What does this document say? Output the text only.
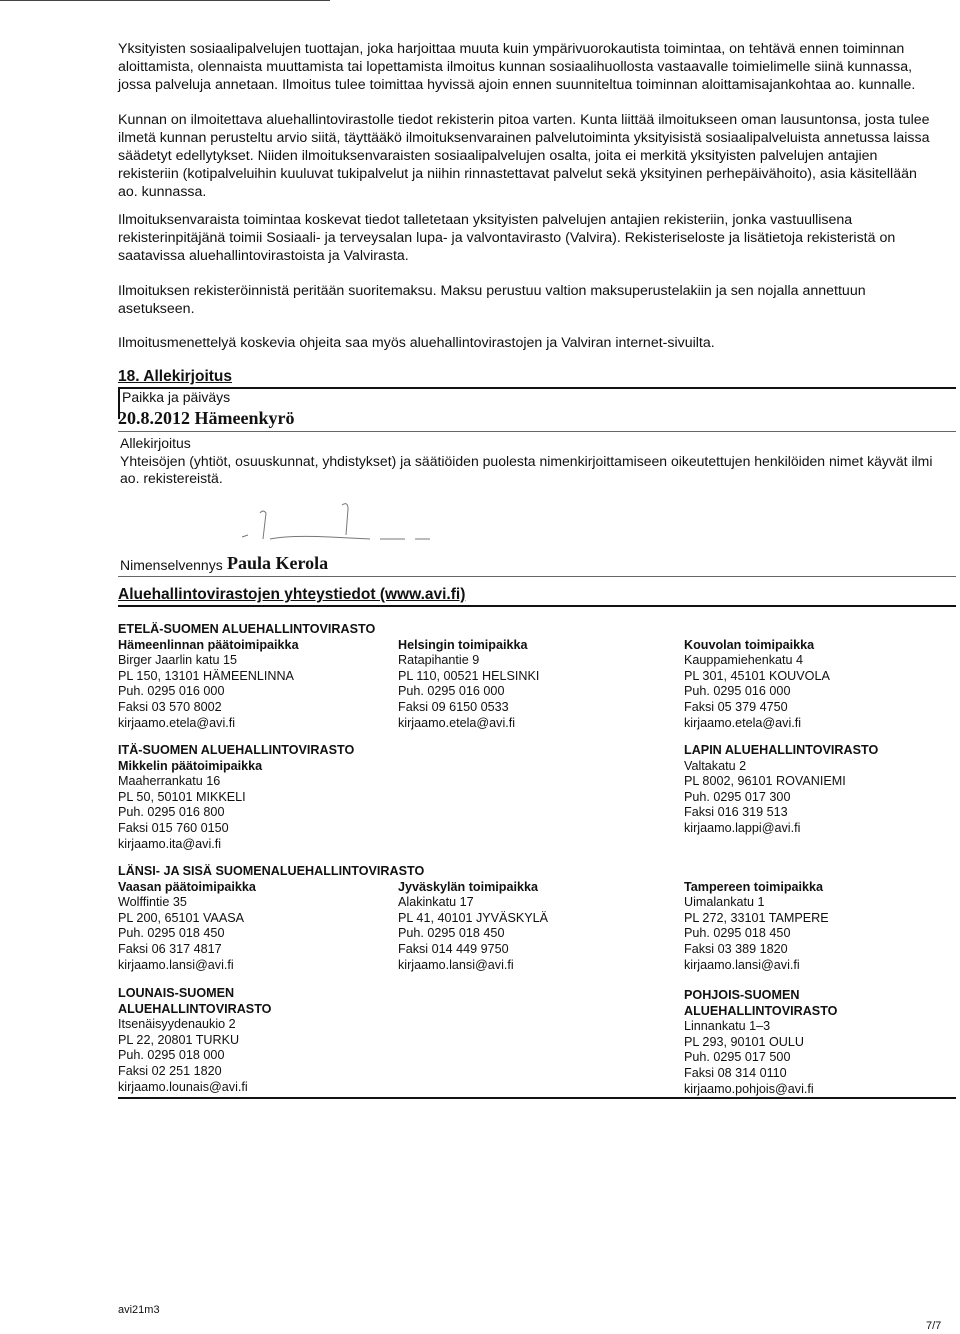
Yksityisten sosiaalipalvelujen tuottajan, joka harjoittaa muuta kuin ympärivuorokautista toimintaa, on tehtävä ennen toiminnan aloittamista, olennaista muuttamista tai lopettamista ilmoitus kunnan sosiaalihuollosta vastaavalle toimielimelle siinä kunnassa, jossa palveluja annetaan. Ilmoitus tulee toimittaa hyvissä ajoin ennen suunniteltua toiminnan aloittamisajankohtaa ao. kunnalle.

Kunnan on ilmoitettava aluehallintovirastolle tiedot rekisterin pitoa varten. Kunta liittää ilmoitukseen oman lausuntonsa, josta tulee ilmetä kunnan perusteltu arvio siitä, täyttääkö ilmoituksenvarainen palvelutoiminta yksityisistä sosiaalipalveluista annetussa laissa säädetyt edellytykset. Niiden ilmoituksenvaraisten sosiaalipalvelujen osalta, joita ei merkitä yksityisten palvelujen antajien rekisteriin (kotipalveluihin kuuluvat tukipalvelut ja niihin rinnastettavat palvelut sekä yksityinen perhepäivähoito), asia käsitellään ao. kunnassa.

Ilmoituksenvaraista toimintaa koskevat tiedot talletetaan yksityisten palvelujen antajien rekisteriin, jonka vastuullisena rekisterinpitäjänä toimii Sosiaali- ja terveysalan lupa- ja valvontavirasto (Valvira). Rekisteriseloste ja lisätietoja rekisteristä on saatavissa aluehallintovirastoista ja Valvirasta.

Ilmoituksen rekisteröinnistä peritään suoritemaksu. Maksu perustuu valtion maksuperustelakiin ja sen nojalla annettuun asetukseen.

Ilmoitusmenettelyä koskevia ohjeita saa myös aluehallintovirastojen ja Valviran internet-sivuilta.

18. Allekirjoitus
Paikka ja päiväys
20.8.2012 Hämeenkyrö
Allekirjoitus
Yhteisöjen (yhtiöt, osuuskunnat, yhdistykset) ja säätiöiden puolesta nimenkirjoittamiseen oikeutettujen henkilöiden nimet käyvät ilmi ao. rekistereistä.
Nimenselvennys Paula Kerola
Aluehallintovirastojen yhteystiedot (www.avi.fi)
ETELÄ-SUOMEN ALUEHALLINTOVIRASTO
Hämeenlinnan päätoimipaikka
Birger Jaarlin katu 15
PL 150, 13101 HÄMEENLINNA
Puh. 0295 016 000
Faksi 03 570 8002
kirjaamo.etela@avi.fi
Helsingin toimipaikka
Ratapihantie 9
PL 110, 00521 HELSINKI
Puh. 0295 016 000
Faksi 09 6150 0533
kirjaamo.etela@avi.fi
Kouvolan toimipaikka
Kauppamiehenkatu 4
PL 301, 45101 KOUVOLA
Puh. 0295 016 000
Faksi 05 379 4750
kirjaamo.etela@avi.fi
ITÄ-SUOMEN ALUEHALLINTOVIRASTO
Mikkelin päätoimipaikka
Maaherrankatu 16
PL 50, 50101 MIKKELI
Puh. 0295 016 800
Faksi 015 760 0150
kirjaamo.ita@avi.fi
LAPIN ALUEHALLINTOVIRASTO
Valtakatu 2
PL 8002, 96101 ROVANIEMI
Puh. 0295 017 300
Faksi 016 319 513
kirjaamo.lappi@avi.fi
LÄNSI- JA SISÄ SUOMENALUEHALLINTOVIRASTO
Vaasan päätoimipaikka
Wolffintie 35
PL 200, 65101 VAASA
Puh. 0295 018 450
Faksi 06 317 4817
kirjaamo.lansi@avi.fi
Jyväskylän toimipaikka
Alakinkatu 17
PL 41, 40101 JYVÄSKYLÄ
Puh. 0295 018 450
Faksi 014 449 9750
kirjaamo.lansi@avi.fi
Tampereen toimipaikka
Uimalankatu 1
PL 272, 33101 TAMPERE
Puh. 0295 018 450
Faksi 03 389 1820
kirjaamo.lansi@avi.fi
LOUNAIS-SUOMEN
ALUEHALLINTOVIRASTO
Itsenäisyydenaukio 2
PL 22, 20801 TURKU
Puh. 0295 018 000
Faksi 02 251 1820
kirjaamo.lounais@avi.fi
POHJOIS-SUOMEN
ALUEHALLINTOVIRASTO
Linnankatu 1–3
PL 293, 90101 OULU
Puh. 0295 017 500
Faksi 08 314 0110
kirjaamo.pohjois@avi.fi
avi21m3
7/7
